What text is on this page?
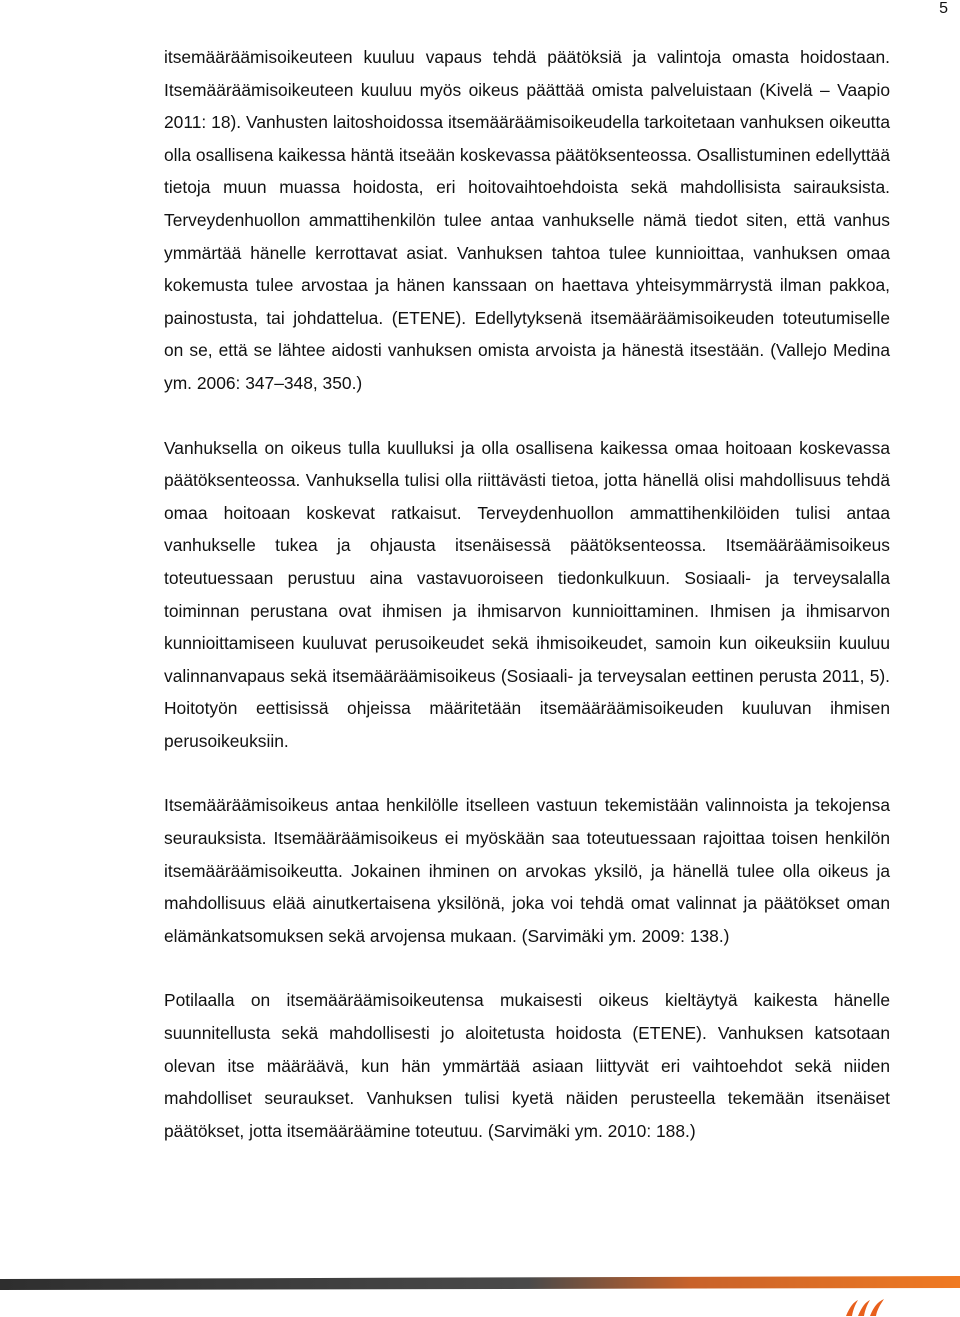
5

itsemääräämisoikeuteen kuuluu vapaus tehdä päätöksiä ja valintoja omasta hoidostaan. Itsemääräämisoikeuteen kuuluu myös oikeus päättää omista palveluistaan (Kivelä – Vaapio 2011: 18). Vanhusten laitoshoidossa itsemääräämisoikeudella tarkoitetaan vanhuksen oikeutta olla osallisena kaikessa häntä itseään koskevassa päätöksenteossa. Osallistuminen edellyttää tietoja muun muassa hoidosta, eri hoitovaihtoehdoista sekä mahdollisista sairauksista. Terveydenhuollon ammattihenkilön tulee antaa vanhukselle nämä tiedot siten, että vanhus ymmärtää hänelle kerrottavat asiat. Vanhuksen tahtoa tulee kunnioittaa, vanhuksen omaa kokemusta tulee arvostaa ja hänen kanssaan on haettava yhteisymmärrystä ilman pakkoa, painostusta, tai johdattelua. (ETENE). Edellytyksenä itsemääräämisoikeuden toteutumiselle on se, että se lähtee aidosti vanhuksen omista arvoista ja hänestä itsestään. (Vallejo Medina ym. 2006: 347–348, 350.)

Vanhuksella on oikeus tulla kuulluksi ja olla osallisena kaikessa omaa hoitoaan koskevassa päätöksenteossa. Vanhuksella tulisi olla riittävästi tietoa, jotta hänellä olisi mahdollisuus tehdä omaa hoitoaan koskevat ratkaisut. Terveydenhuollon ammattihenkilöiden tulisi antaa vanhukselle tukea ja ohjausta itsenäisessä päätöksenteossa. Itsemääräämisoikeus toteutuessaan perustuu aina vastavuoroiseen tiedonkulkuun. Sosiaali- ja terveysalalla toiminnan perustana ovat ihmisen ja ihmisarvon kunnioittaminen. Ihmisen ja ihmisarvon kunnioittamiseen kuuluvat perusoikeudet sekä ihmisoikeudet, samoin kun oikeuksiin kuuluu valinnanvapaus sekä itsemääräämisoikeus (Sosiaali- ja terveysalan eettinen perusta 2011, 5). Hoitotyön eettisissä ohjeissa määritetään itsemääräämisoikeuden kuuluvan ihmisen perusoikeuksiin.

Itsemääräämisoikeus antaa henkilölle itselleen vastuun tekemistään valinnoista ja tekojensa seurauksista. Itsemääräämisoikeus ei myöskään saa toteutuessaan rajoittaa toisen henkilön itsemääräämisoikeutta. Jokainen ihminen on arvokas yksilö, ja hänellä tulee olla oikeus ja mahdollisuus elää ainutkertaisena yksilönä, joka voi tehdä omat valinnat ja päätökset oman elämänkatsomuksen sekä arvojensa mukaan. (Sarvimäki ym. 2009: 138.)

Potilaalla on itsemääräämisoikeutensa mukaisesti oikeus kieltäytyä kaikesta hänelle suunnitellusta sekä mahdollisesti jo aloitetusta hoidosta (ETENE). Vanhuksen katsotaan olevan itse määräävä, kun hän ymmärtää asiaan liittyvät eri vaihtoehdot sekä niiden mahdolliset seuraukset. Vanhuksen tulisi kyetä näiden perusteella tekemään itsenäiset päätökset, jotta itsemääräämine toteutuu. (Sarvimäki ym. 2010: 188.)
